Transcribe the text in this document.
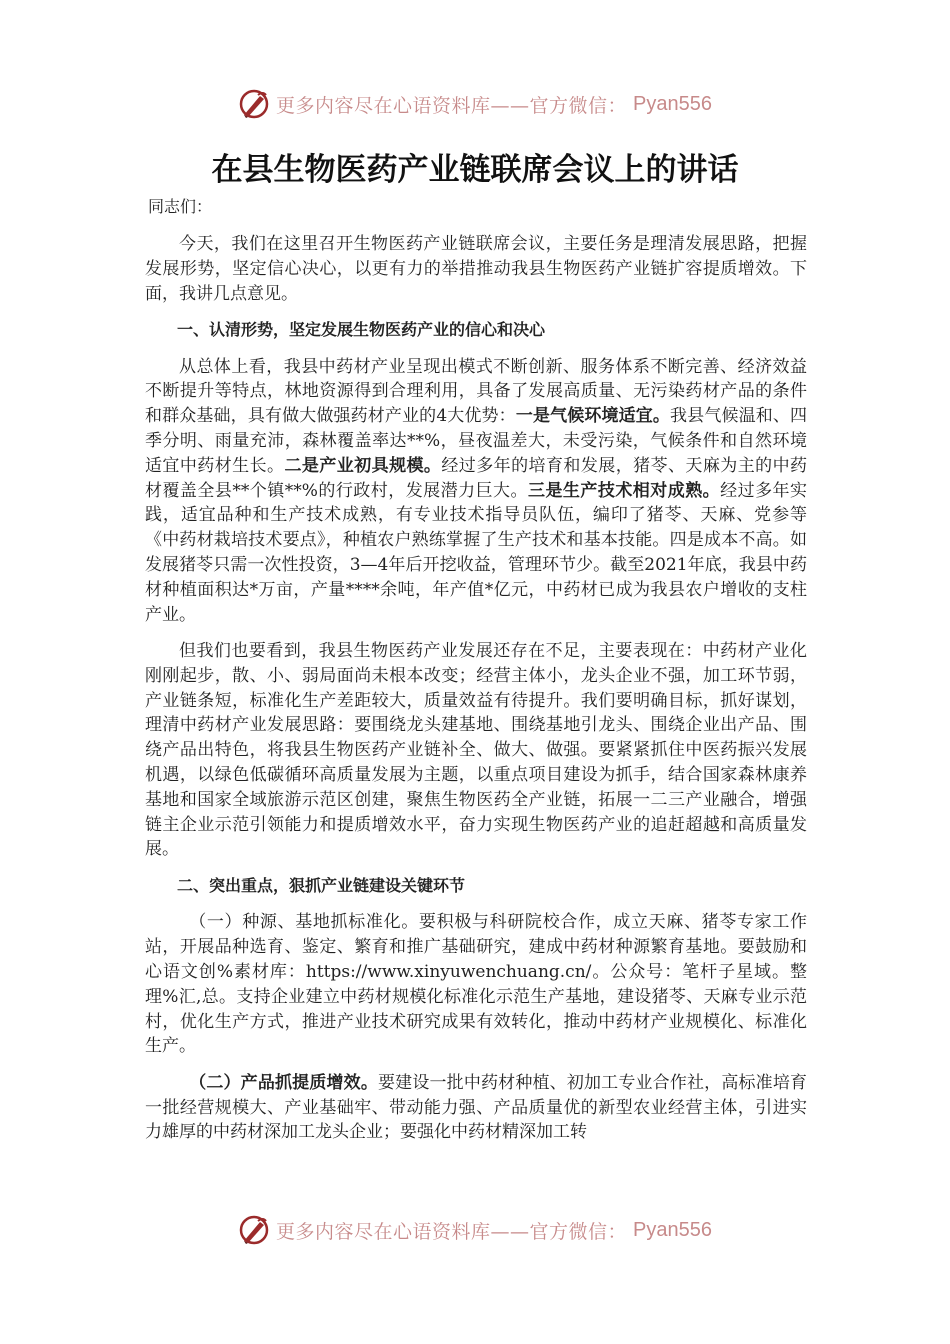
更多内容尽在心语资料库——官方微信： Pyan556
在县生物医药产业链联席会议上的讲话
同志们：

今天，我们在这里召开生物医药产业链联席会议，主要任务是理清发展思路，把握发展形势，坚定信心决心，以更有力的举措推动我县生物医药产业链扩容提质增效。下面，我讲几点意见。

一、认清形势，坚定发展生物医药产业的信心和决心

从总体上看，我县中药材产业呈现出模式不断创新、服务体系不断完善、经济效益不断提升等特点，林地资源得到合理利用，具备了发展高质量、无污染药材产品的条件和群众基础，具有做大做强药材产业的4大优势：一是气候环境适宜。我县气候温和、四季分明、雨量充沛，森林覆盖率达**%，昼夜温差大，未受污染，气候条件和自然环境适宜中药材生长。二是产业初具规模。经过多年的培育和发展，猪苓、天麻为主的中药材覆盖全县**个镇**%的行政村，发展潜力巨大。三是生产技术相对成熟。经过多年实践，适宜品种和生产技术成熟，有专业技术指导员队伍，编印了猪苓、天麻、党参等《中药材栽培技术要点》，种植农户熟练掌握了生产技术和基本技能。四是成本不高。如发展猪苓只需一次性投资，3—4年后开挖收益，管理环节少。截至2021年底，我县中药材种植面积达*万亩，产量****余吨，年产值*亿元，中药材已成为我县农户增收的支柱产业。

但我们也要看到，我县生物医药产业发展还存在不足，主要表现在：中药材产业化刚刚起步，散、小、弱局面尚未根本改变；经营主体小，龙头企业不强，加工环节弱，产业链条短，标准化生产差距较大，质量效益有待提升。我们要明确目标，抓好谋划，理清中药材产业发展思路：要围绕龙头建基地、围绕基地引龙头、围绕企业出产品、围绕产品出特色，将我县生物医药产业链补全、做大、做强。要紧紧抓住中医药振兴发展机遇，以绿色低碳循环高质量发展为主题，以重点项目建设为抓手，结合国家森林康养基地和国家全域旅游示范区创建，聚焦生物医药全产业链，拓展一二三产业融合，增强链主企业示范引领能力和提质增效水平，奋力实现生物医药产业的追赶超越和高质量发展。

二、突出重点，狠抓产业链建设关键环节

（一）种源、基地抓标准化。要积极与科研院校合作，成立天麻、猪苓专家工作站，开展品种选育、鉴定、繁育和推广基础研究，建成中药材种源繁育基地。要鼓励和心语文创%素材库：https://www.xinyuwenchuang.cn/。公众号：笔杆子星域。整理%汇,总。支持企业建立中药材规模化标准化示范生产基地，建设猪苓、天麻专业示范村，优化生产方式，推进产业技术研究成果有效转化，推动中药材产业规模化、标准化生产。

（二）产品抓提质增效。要建设一批中药材种植、初加工专业合作社，高标准培育一批经营规模大、产业基础牢、带动能力强、产品质量优的新型农业经营主体，引进实力雄厚的中药材深加工龙头企业；要强化中药材精深加工转

更多内容尽在心语资料库——官方微信： Pyan556
